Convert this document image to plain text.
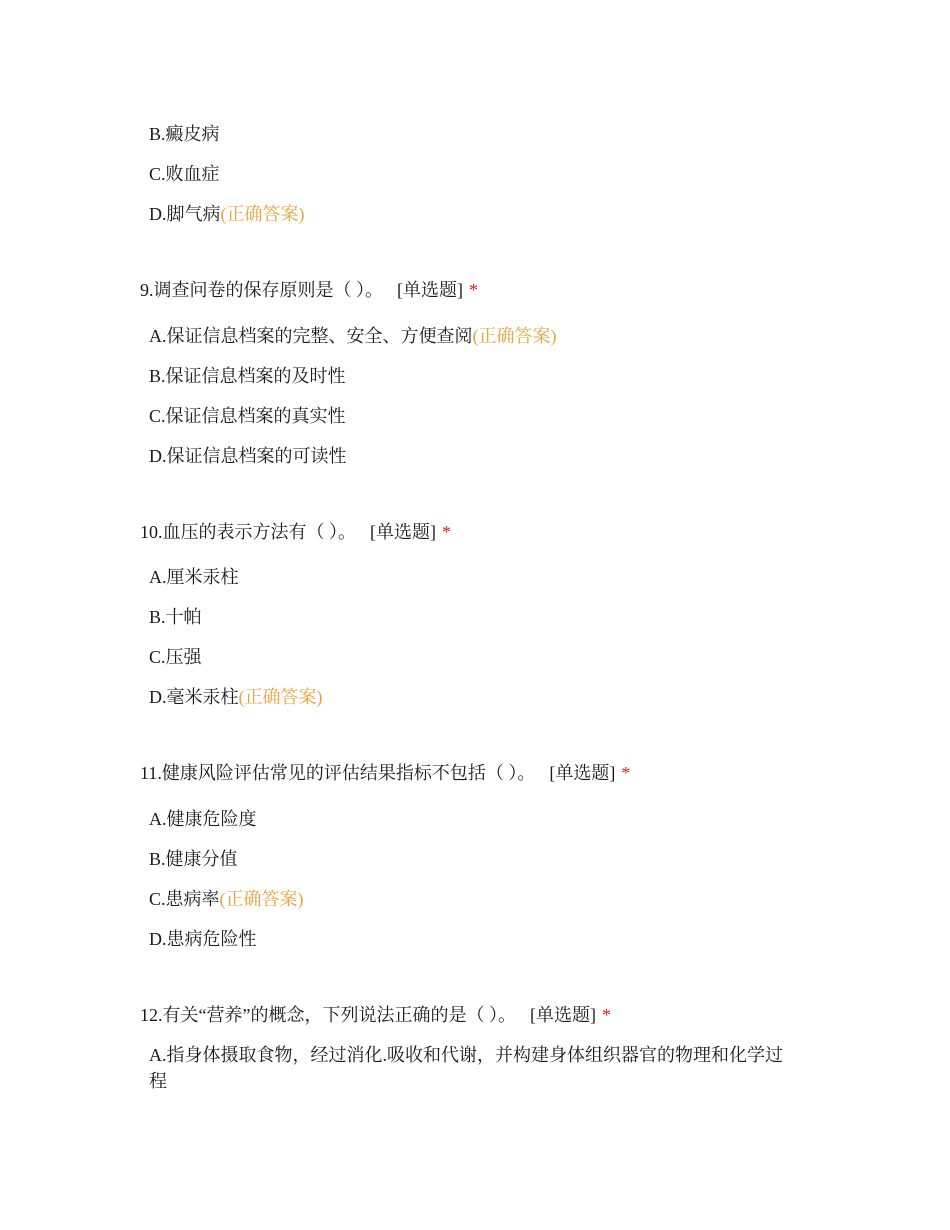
B.癜皮病
C.败血症
D.脚气病 (正确答案)
9.调查问卷的保存原则是（ ）。 [单选题] *
A.保证信息档案的完整、安全、方便查阅 (正确答案)
B.保证信息档案的及时性
C.保证信息档案的真实性
D.保证信息档案的可读性
10.血压的表示方法有（ ）。 [单选题] *
A.厘米汞柱
B.十帕
C.压强
D.毫米汞柱 (正确答案)
11.健康风险评估常见的评估结果指标不包括（ ）。 [单选题] *
A.健康危险度
B.健康分值
C.患病率 (正确答案)
D.患病危险性
12.有关“营养”的概念，下列说法正确的是（ ）。 [单选题] *
A.指身体摄取食物，经过消化.吸收和代谢，并构建身体组织器官的物理和化学过程
